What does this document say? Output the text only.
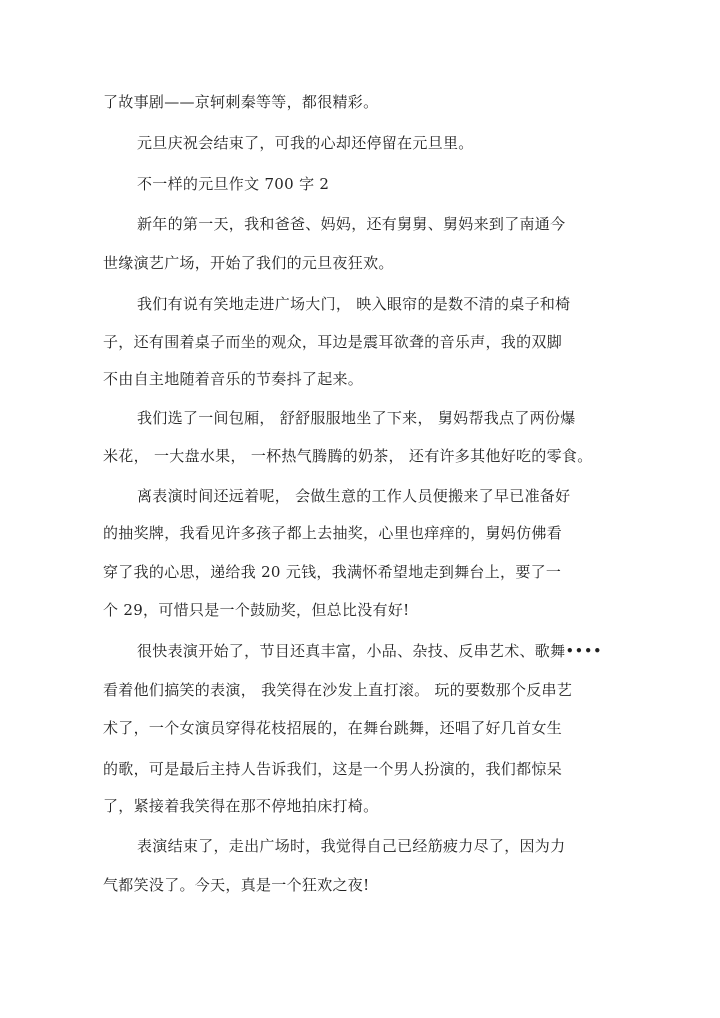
了故事剧——京轲刺秦等等，都很精彩。
元旦庆祝会结束了，可我的心却还停留在元旦里。
不一样的元旦作文 700 字 2
新年的第一天，我和爸爸、妈妈，还有舅舅、舅妈来到了南通今
世缘演艺广场，开始了我们的元旦夜狂欢。
我们有说有笑地走进广场大门， 映入眼帘的是数不清的桌子和椅
子，还有围着桌子而坐的观众，耳边是震耳欲聋的音乐声，我的双脚
不由自主地随着音乐的节奏抖了起来。
我们选了一间包厢， 舒舒服服地坐了下来， 舅妈帮我点了两份爆
米花， 一大盘水果， 一杯热气腾腾的奶茶， 还有许多其他好吃的零食。
离表演时间还远着呢， 会做生意的工作人员便搬来了早已准备好
的抽奖牌，我看见许多孩子都上去抽奖，心里也痒痒的，舅妈仿佛看
穿了我的心思，递给我 20 元钱，我满怀希望地走到舞台上，要了一
个 29，可惜只是一个鼓励奖，但总比没有好!
很快表演开始了，节目还真丰富，小品、杂技、反串艺术、歌舞••••
看着他们搞笑的表演， 我笑得在沙发上直打滚。 玩的要数那个反串艺
术了，一个女演员穿得花枝招展的，在舞台跳舞，还唱了好几首女生
的歌，可是最后主持人告诉我们，这是一个男人扮演的，我们都惊呆
了，紧接着我笑得在那不停地拍床打椅。
表演结束了，走出广场时，我觉得自己已经筋疲力尽了，因为力
气都笑没了。今天，真是一个狂欢之夜!
